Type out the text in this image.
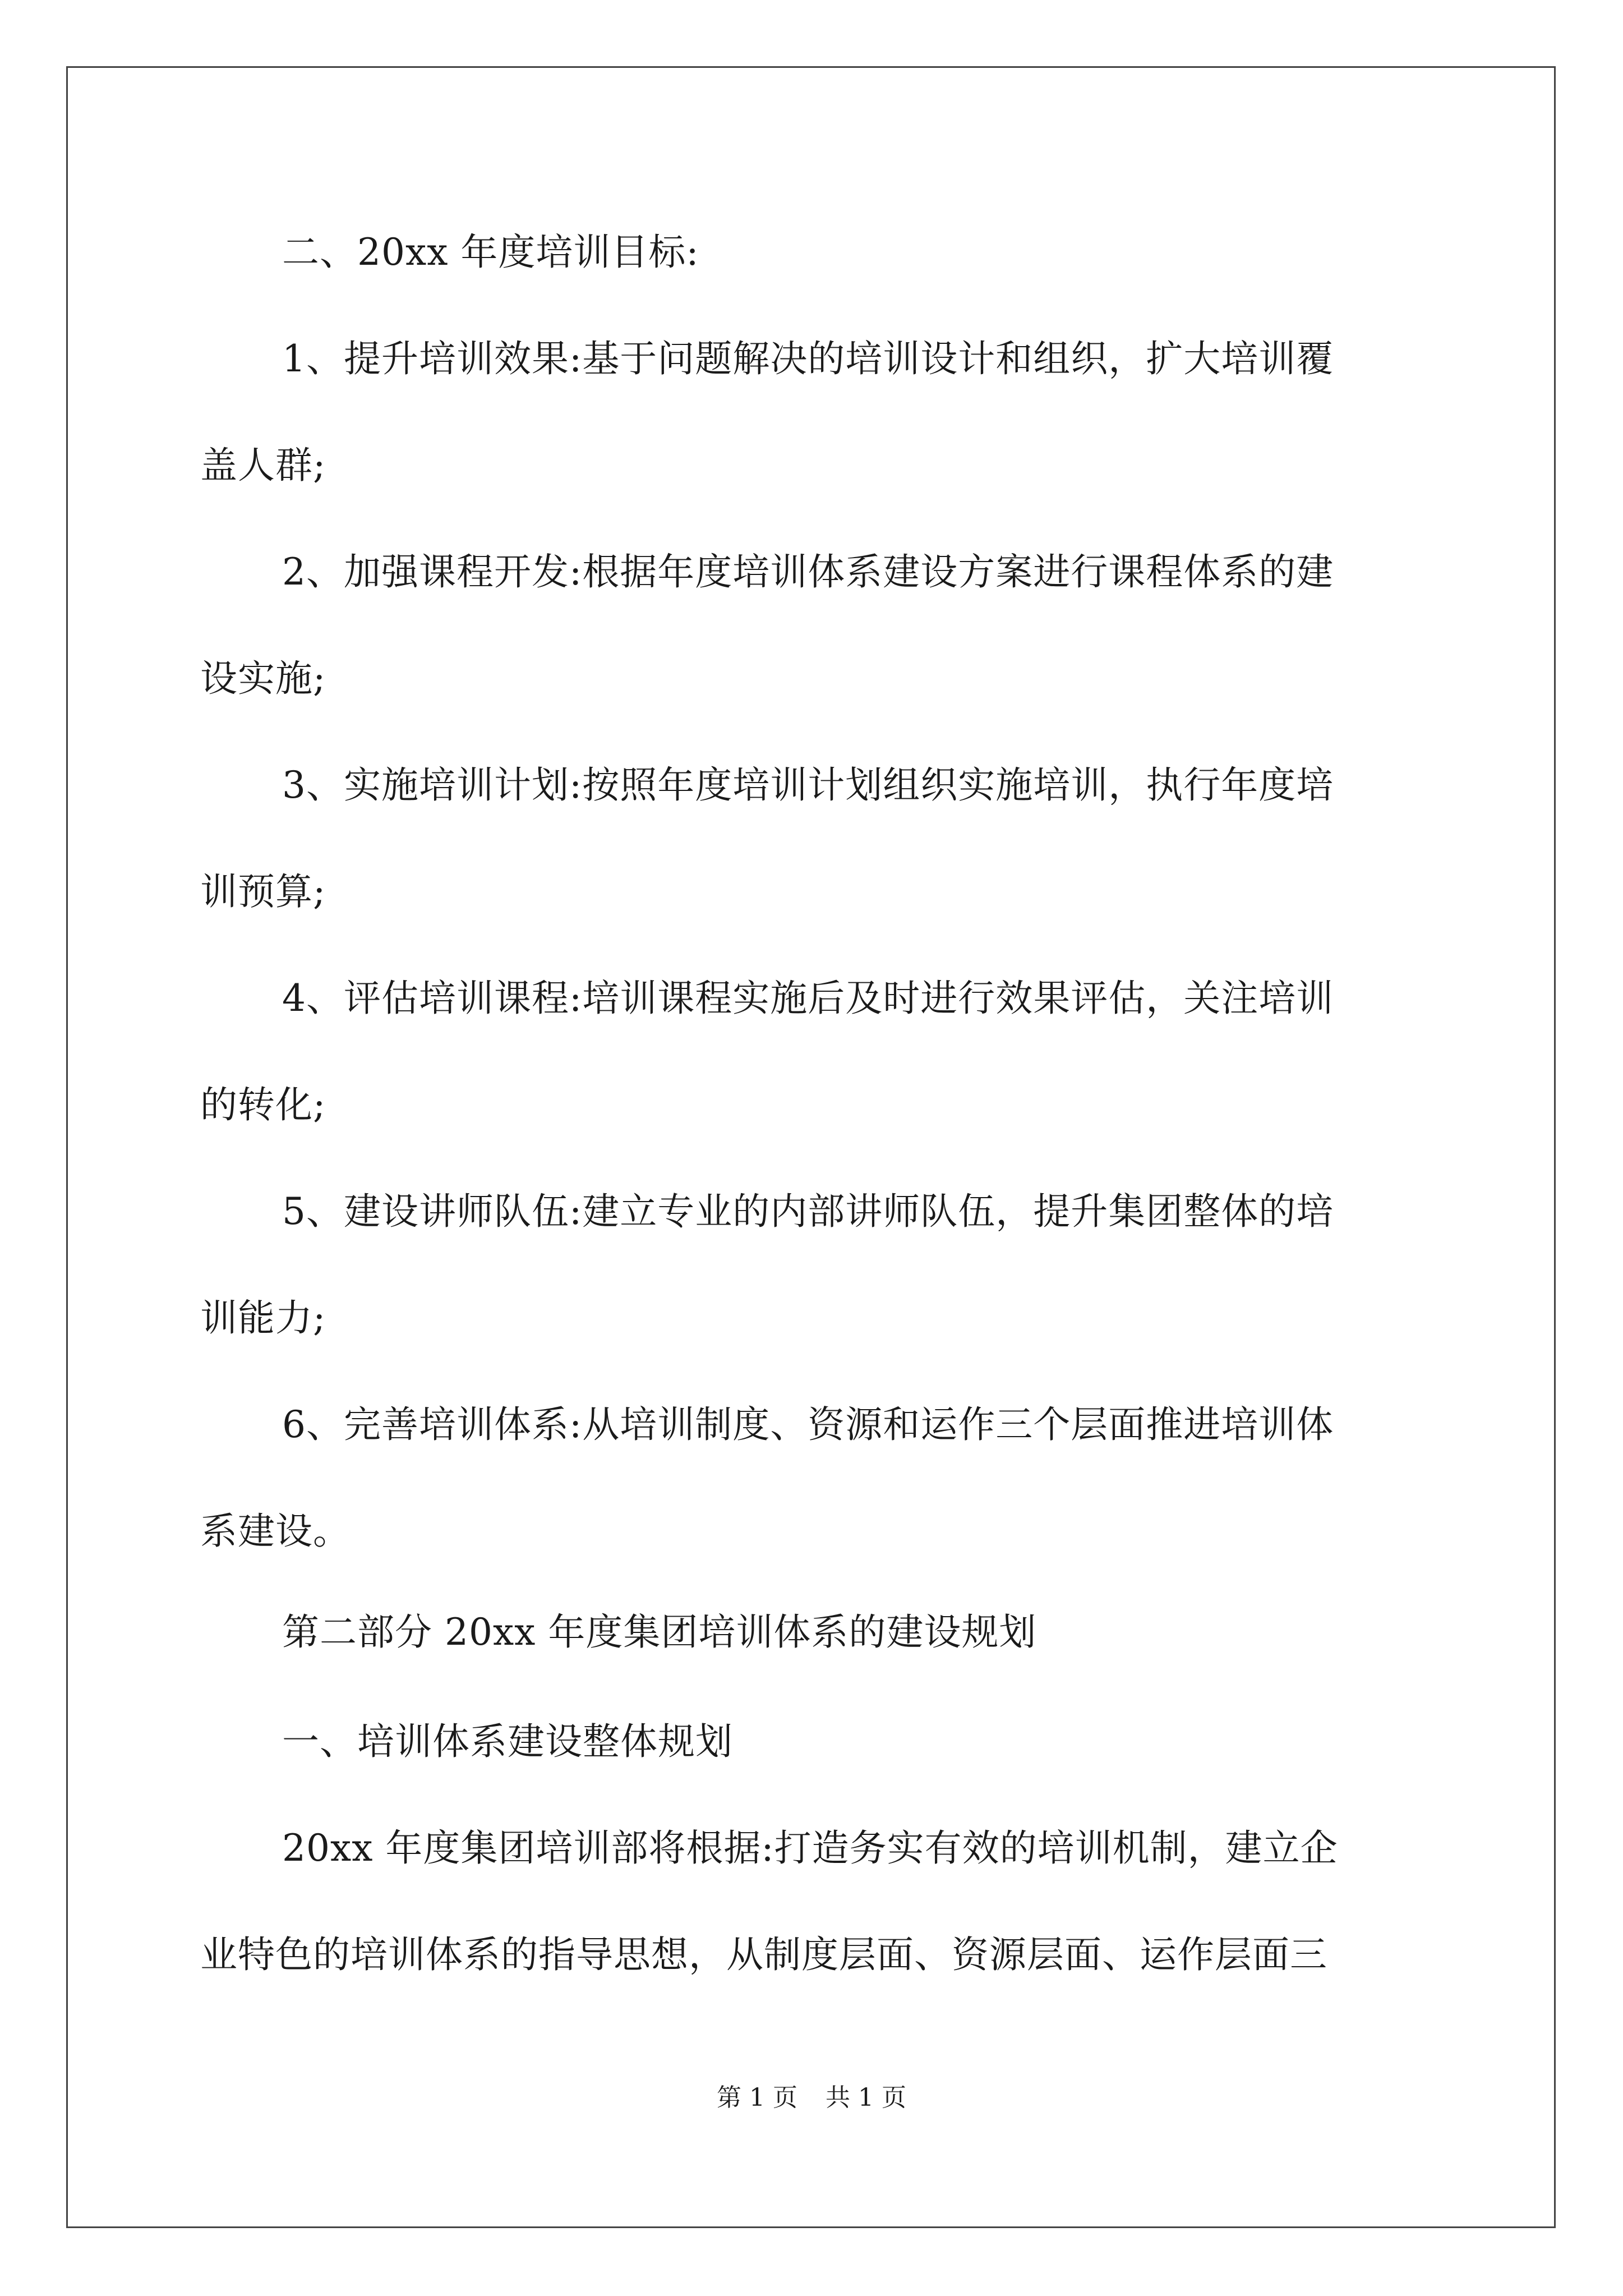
二、20xx 年度培训目标:

1、提升培训效果:基于问题解决的培训设计和组织，扩大培训覆

盖人群;

2、加强课程开发:根据年度培训体系建设方案进行课程体系的建

设实施;

3、实施培训计划:按照年度培训计划组织实施培训，执行年度培

训预算;

4、评估培训课程:培训课程实施后及时进行效果评估，关注培训

的转化;

5、建设讲师队伍:建立专业的内部讲师队伍，提升集团整体的培

训能力;

6、完善培训体系:从培训制度、资源和运作三个层面推进培训体

系建设。

第二部分 20xx 年度集团培训体系的建设规划

一、培训体系建设整体规划

20xx 年度集团培训部将根据:打造务实有效的培训机制，建立企

业特色的培训体系的指导思想，从制度层面、资源层面、运作层面三

第 1 页 共 1 页
